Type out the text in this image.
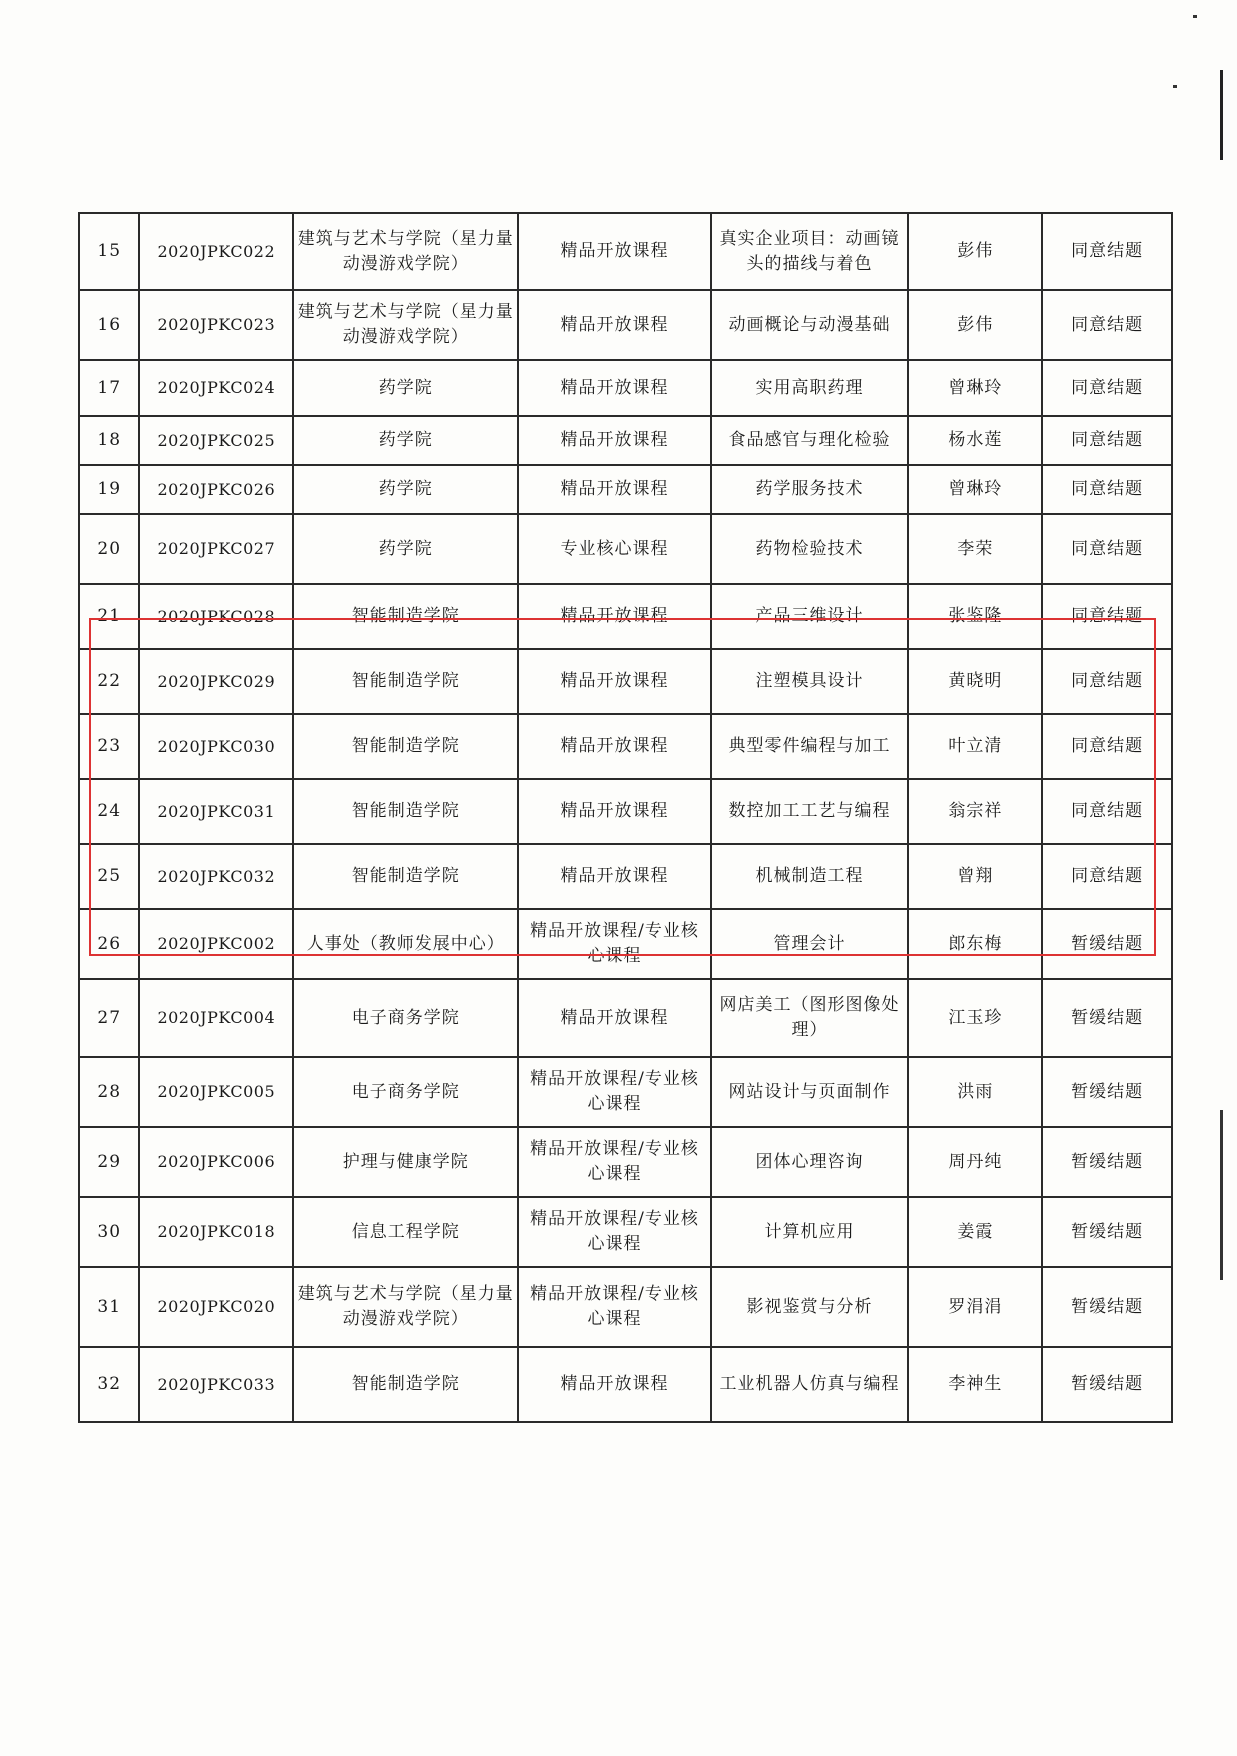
15	2020JPKC022	建筑与艺术与学院（星力量动漫游戏学院）	精品开放课程	真实企业项目：动画镜头的描线与着色	彭伟	同意结题
16	2020JPKC023	建筑与艺术与学院（星力量动漫游戏学院）	精品开放课程	动画概论与动漫基础	彭伟	同意结题
17	2020JPKC024	药学院	精品开放课程	实用高职药理	曾琳玲	同意结题
18	2020JPKC025	药学院	精品开放课程	食品感官与理化检验	杨水莲	同意结题
19	2020JPKC026	药学院	精品开放课程	药学服务技术	曾琳玲	同意结题
20	2020JPKC027	药学院	专业核心课程	药物检验技术	李荣	同意结题
21	2020JPKC028	智能制造学院	精品开放课程	产品三维设计	张鉴隆	同意结题
22	2020JPKC029	智能制造学院	精品开放课程	注塑模具设计	黄晓明	同意结题
23	2020JPKC030	智能制造学院	精品开放课程	典型零件编程与加工	叶立清	同意结题
24	2020JPKC031	智能制造学院	精品开放课程	数控加工工艺与编程	翁宗祥	同意结题
25	2020JPKC032	智能制造学院	精品开放课程	机械制造工程	曾翔	同意结题
26	2020JPKC002	人事处（教师发展中心）	精品开放课程/专业核心课程	管理会计	郎东梅	暂缓结题
27	2020JPKC004	电子商务学院	精品开放课程	网店美工（图形图像处理）	江玉珍	暂缓结题
28	2020JPKC005	电子商务学院	精品开放课程/专业核心课程	网站设计与页面制作	洪雨	暂缓结题
29	2020JPKC006	护理与健康学院	精品开放课程/专业核心课程	团体心理咨询	周丹纯	暂缓结题
30	2020JPKC018	信息工程学院	精品开放课程/专业核心课程	计算机应用	姜霞	暂缓结题
31	2020JPKC020	建筑与艺术与学院（星力量动漫游戏学院）	精品开放课程/专业核心课程	影视鉴赏与分析	罗涓涓	暂缓结题
32	2020JPKC033	智能制造学院	精品开放课程	工业机器人仿真与编程	李神生	暂缓结题
